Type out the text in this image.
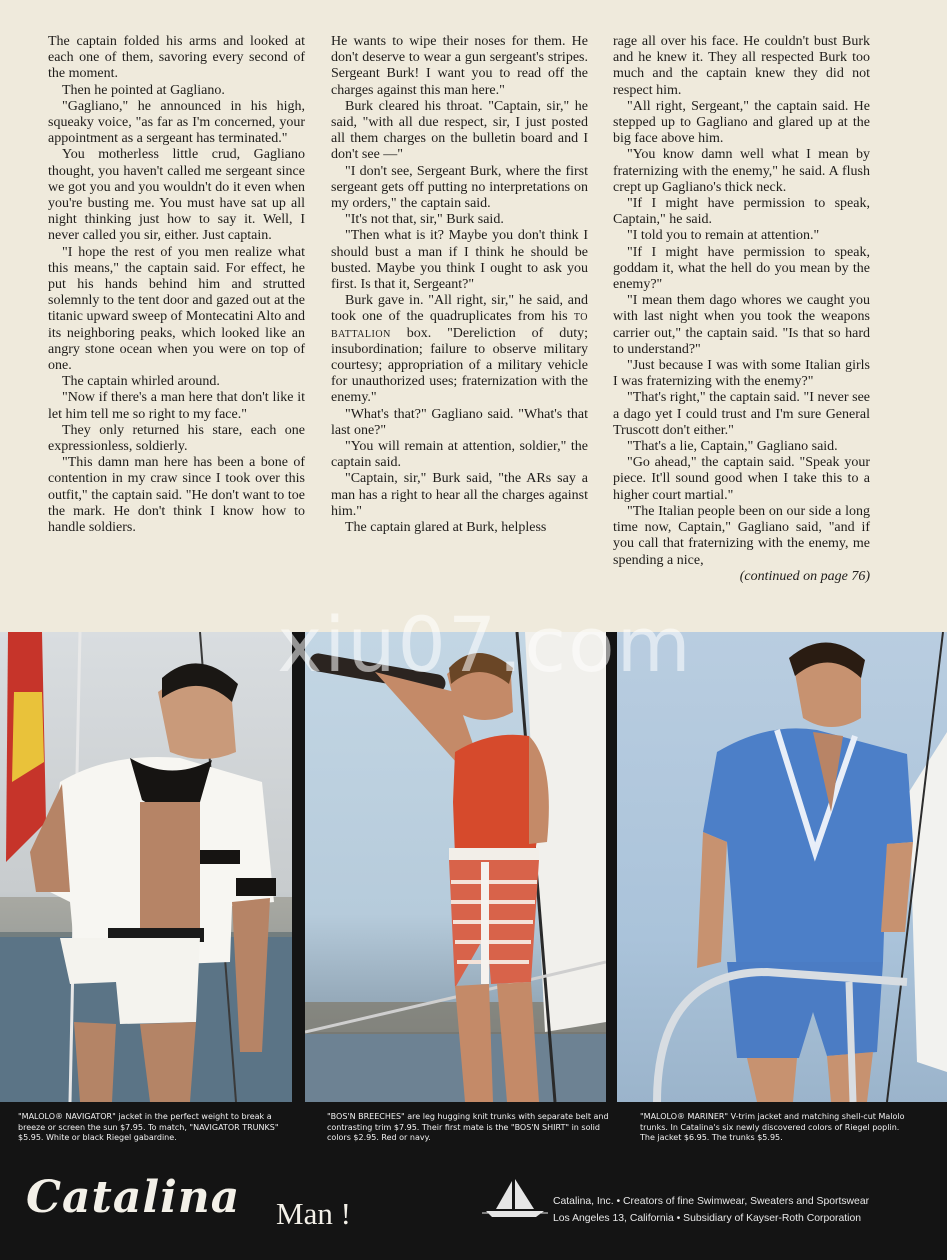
The captain folded his arms and looked at each one of them, savoring every second of the moment.

Then he pointed at Gagliano.

"Gagliano," he announced in his high, squeaky voice, "as far as I'm concerned, your appointment as a sergeant has terminated."

You motherless little crud, Gagliano thought, you haven't called me sergeant since we got you and you wouldn't do it even when you're busting me. You must have sat up all night thinking just how to say it. Well, I never called you sir, either. Just captain.

"I hope the rest of you men realize what this means," the captain said. For effect, he put his hands behind him and strutted solemnly to the tent door and gazed out at the titanic upward sweep of Montecatini Alto and its neighboring peaks, which looked like an angry stone ocean when you were on top of one.

The captain whirled around.

"Now if there's a man here that don't like it let him tell me so right to my face."

They only returned his stare, each one expressionless, soldierly.

"This damn man here has been a bone of contention in my craw since I took over this outfit," the captain said. "He don't want to toe the mark. He don't think I know how to handle soldiers.

He wants to wipe their noses for them. He don't deserve to wear a gun sergeant's stripes. Sergeant Burk! I want you to read off the charges against this man here."

Burk cleared his throat. "Captain, sir," he said, "with all due respect, sir, I just posted all them charges on the bulletin board and I don't see —"

"I don't see, Sergeant Burk, where the first sergeant gets off putting no interpretations on my orders," the captain said.

"It's not that, sir," Burk said.

"Then what is it? Maybe you don't think I should bust a man if I think he should be busted. Maybe you think I ought to ask you first. Is that it, Sergeant?"

Burk gave in. "All right, sir," he said, and took one of the quadruplicates from his to battalion box. "Dereliction of duty; insubordination; failure to observe military courtesy; appropriation of a military vehicle for unauthorized uses; fraternization with the enemy."

"What's that?" Gagliano said. "What's that last one?"

"You will remain at attention, soldier," the captain said.

"Captain, sir," Burk said, "the ARs say a man has a right to hear all the charges against him."

The captain glared at Burk, helpless

rage all over his face. He couldn't bust Burk and he knew it. They all respected Burk too much and the captain knew they did not respect him.

"All right, Sergeant," the captain said. He stepped up to Gagliano and glared up at the big face above him.

"You know damn well what I mean by fraternizing with the enemy," he said. A flush crept up Gagliano's thick neck.

"If I might have permission to speak, Captain," he said.

"I told you to remain at attention."

"If I might have permission to speak, goddam it, what the hell do you mean by the enemy?"

"I mean them dago whores we caught you with last night when you took the weapons carrier out," the captain said. "Is that so hard to understand?"

"Just because I was with some Italian girls I was fraternizing with the enemy?"

"That's right," the captain said. "I never see a dago yet I could trust and I'm sure General Truscott don't either."

"That's a lie, Captain," Gagliano said.

"Go ahead," the captain said. "Speak your piece. It'll sound good when I take this to a higher court martial."

"The Italian people been on our side a long time now, Captain," Gagliano said, "and if you call that fraternizing with the enemy, me spending a nice,

(continued on page 76)

xiu07.com
"MALOLO® NAVIGATOR" jacket in the perfect weight to break a breeze or screen the sun $7.95. To match, "NAVIGATOR TRUNKS" $5.95. White or black Riegel gabardine.
"BOS'N BREECHES" are leg hugging knit trunks with separate belt and contrasting trim $7.95. Their first mate is the "BOS'N SHIRT" in solid colors $2.95. Red or navy.
"MALOLO® MARINER" V-trim jacket and matching shell-cut Malolo trunks. In Catalina's six newly discovered colors of Riegel poplin. The jacket $6.95. The trunks $5.95.
Catalina Man !	Catalina, Inc. • Creators of fine Swimwear, Sweaters and Sportswear
Los Angeles 13, California • Subsidiary of Kayser-Roth Corporation
